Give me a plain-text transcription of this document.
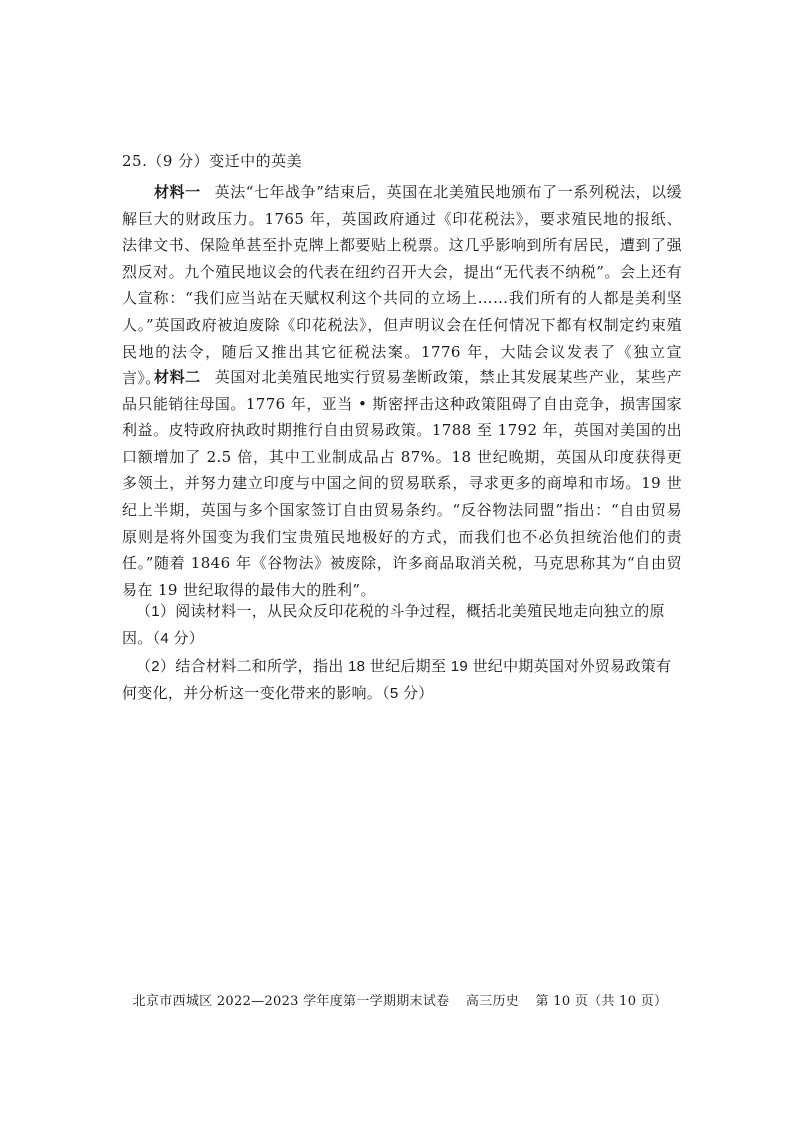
25.（9 分）变迁中的英美
材料一 英法“七年战争”结束后，英国在北美殖民地颁布了一系列税法，以缓解巨大的财政压力。1765 年，英国政府通过《印花税法》，要求殖民地的报纸、法律文书、保险单甚至扑克牌上都要贴上税票。这几乎影响到所有居民，遭到了强烈反对。九个殖民地议会的代表在纽约召开大会，提出“无代表不纳税”。会上还有人宣称：“我们应当站在天赋权利这个共同的立场上……我们所有的人都是美利坚人。”英国政府被迫废除《印花税法》，但声明议会在任何情况下都有权制定约束殖民地的法令，随后又推出其它征税法案。1776 年，大陆会议发表了《独立宣言》。
材料二 英国对北美殖民地实行贸易垄断政策，禁止其发展某些产业，某些产品只能销往母国。1776 年，亚当 • 斯密抨击这种政策阻碍了自由竞争，损害国家利益。皮特政府执政时期推行自由贸易政策。1788 至 1792 年，英国对美国的出口额增加了 2.5 倍，其中工业制成品占 87%。18 世纪晚期，英国从印度获得更多领土，并努力建立印度与中国之间的贸易联系，寻求更多的商埠和市场。19 世纪上半期，英国与多个国家签订自由贸易条约。“反谷物法同盟”指出：“自由贸易原则是将外国变为我们宝贵殖民地极好的方式，而我们也不必负担统治他们的责任。”随着 1846 年《谷物法》被废除，许多商品取消关税，马克思称其为“自由贸易在 19 世纪取得的最伟大的胜利”。
（1）阅读材料一，从民众反印花税的斗争过程，概括北美殖民地走向独立的原因。（4 分）
（2）结合材料二和所学，指出 18 世纪后期至 19 世纪中期英国对外贸易政策有何变化，并分析这一变化带来的影响。（5 分）
北京市西城区 2022—2023 学年度第一学期期末试卷 高三历史 第 10 页（共 10 页）
